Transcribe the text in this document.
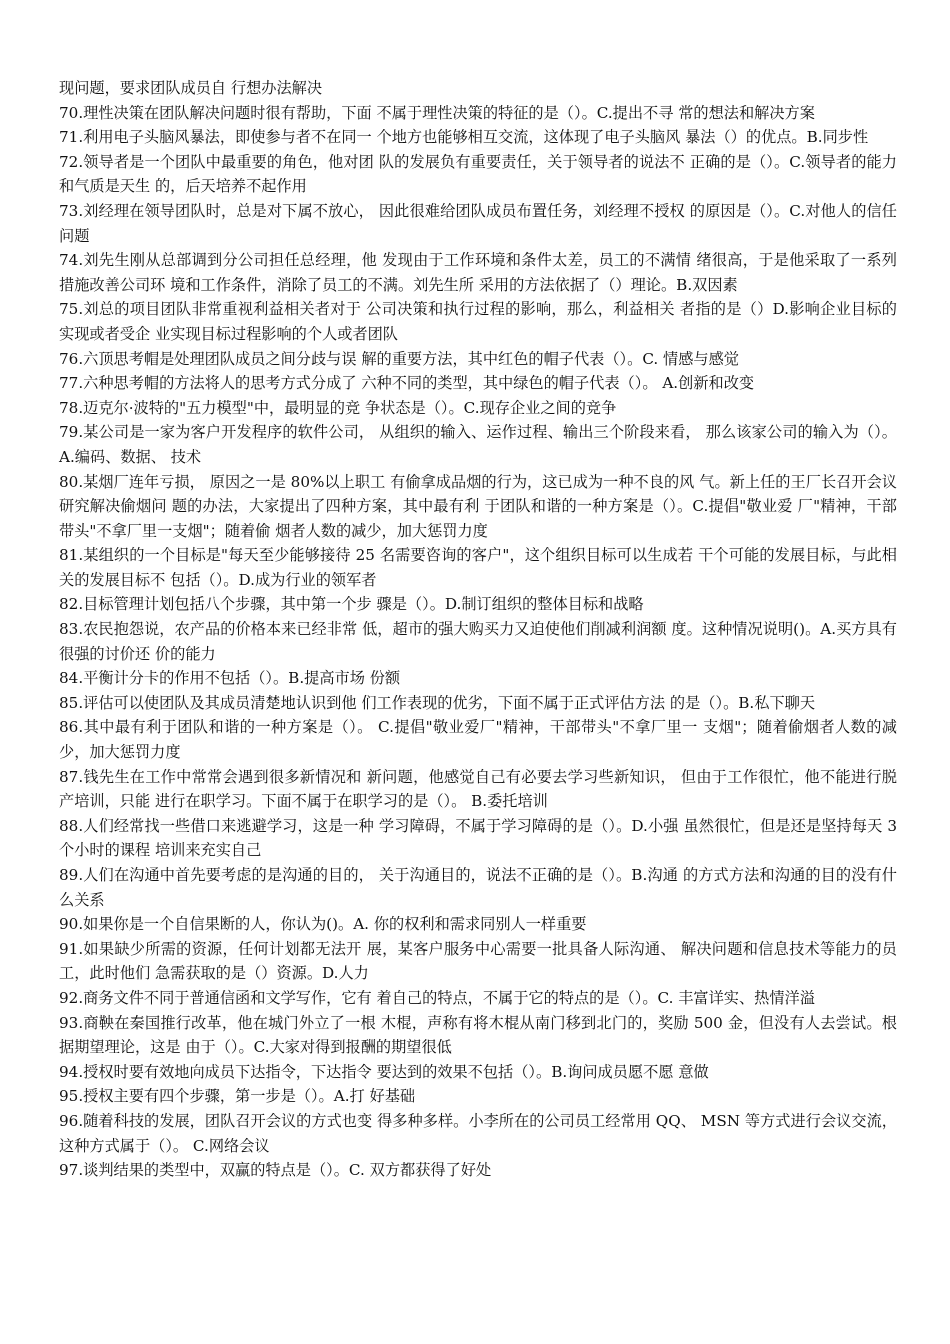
现问题，要求团队成员自 行想办法解决

70.理性决策在团队解决问题时很有帮助，下面 不属于理性决策的特征的是（）。C.提出不寻 常的想法和解决方案

71.利用电子头脑风暴法，即使参与者不在同一 个地方也能够相互交流，这体现了电子头脑风 暴法（）的优点。B.同步性

72.领导者是一个团队中最重要的角色，他对团 队的发展负有重要责任，关于领导者的说法不 正确的是（）。C.领导者的能力和气质是天生 的，后天培养不起作用

73.刘经理在领导团队时，总是对下属不放心， 因此很难给团队成员布置任务，刘经理不授权 的原因是（）。C.对他人的信任问题

74.刘先生刚从总部调到分公司担任总经理，他 发现由于工作环境和条件太差，员工的不满情 绪很高，于是他采取了一系列措施改善公司环 境和工作条件，消除了员工的不满。刘先生所 采用的方法依据了（）理论。B.双因素

75.刘总的项目团队非常重视利益相关者对于 公司决策和执行过程的影响，那么，利益相关 者指的是（）D.影响企业目标的实现或者受企 业实现目标过程影响的个人或者团队

76.六顶思考帽是处理团队成员之间分歧与误 解的重要方法，其中红色的帽子代表（）。C. 情感与感觉

77.六种思考帽的方法将人的思考方式分成了 六种不同的类型，其中绿色的帽子代表（）。 A.创新和改变

78.迈克尔·波特的"五力模型"中，最明显的竞 争状态是（）。C.现存企业之间的竞争

79.某公司是一家为客户开发程序的软件公司， 从组织的输入、运作过程、输出三个阶段来看， 那么该家公司的输入为（）。A.编码、数据、 技术

80.某烟厂连年亏损， 原因之一是 80%以上职工 有偷拿成品烟的行为，这已成为一种不良的风 气。新上任的王厂长召开会议研究解决偷烟问 题的办法，大家提出了四种方案，其中最有利 于团队和谐的一种方案是（）。C.提倡"敬业爱 厂"精神，干部带头"不拿厂里一支烟"；随着偷 烟者人数的减少，加大惩罚力度

81.某组织的一个目标是"每天至少能够接待 25 名需要咨询的客户"，这个组织目标可以生成若 干个可能的发展目标，与此相关的发展目标不 包括（）。D.成为行业的领军者

82.目标管理计划包括八个步骤，其中第一个步 骤是（）。D.制订组织的整体目标和战略

83.农民抱怨说，农产品的价格本来已经非常 低，超市的强大购买力又迫使他们削减利润额 度。这种情况说明()。A.买方具有很强的讨价还 价的能力

84.平衡计分卡的作用不包括（）。B.提高市场 份额

85.评估可以使团队及其成员清楚地认识到他 们工作表现的优劣，下面不属于正式评估方法 的是（）。B.私下聊天

86.其中最有利于团队和谐的一种方案是（）。 C.提倡"敬业爱厂"精神，干部带头"不拿厂里一 支烟"；随着偷烟者人数的减少，加大惩罚力度

87.钱先生在工作中常常会遇到很多新情况和 新问题，他感觉自己有必要去学习些新知识， 但由于工作很忙，他不能进行脱产培训，只能 进行在职学习。下面不属于在职学习的是（）。 B.委托培训

88.人们经常找一些借口来逃避学习，这是一种 学习障碍，不属于学习障碍的是（）。D.小强 虽然很忙，但是还是坚持每天 3 个小时的课程 培训来充实自己

89.人们在沟通中首先要考虑的是沟通的目的， 关于沟通目的，说法不正确的是（）。B.沟通 的方式方法和沟通的目的没有什么关系

90.如果你是一个自信果断的人，你认为()。A. 你的权利和需求同别人一样重要

91.如果缺少所需的资源，任何计划都无法开 展，某客户服务中心需要一批具备人际沟通、 解决问题和信息技术等能力的员工，此时他们 急需获取的是（）资源。D.人力

92.商务文件不同于普通信函和文学写作，它有 着自己的特点，不属于它的特点的是（）。C. 丰富详实、热情洋溢

93.商鞅在秦国推行改革，他在城门外立了一根 木棍，声称有将木棍从南门移到北门的，奖励 500 金，但没有人去尝试。根据期望理论，这是 由于（）。C.大家对得到报酬的期望很低

94.授权时要有效地向成员下达指令，下达指令 要达到的效果不包括（）。B.询问成员愿不愿 意做

95.授权主要有四个步骤，第一步是（）。A.打 好基础

96.随着科技的发展，团队召开会议的方式也变 得多种多样。小李所在的公司员工经常用 QQ、 MSN 等方式进行会议交流，这种方式属于（）。 C.网络会议

97.谈判结果的类型中，双赢的特点是（）。C. 双方都获得了好处
